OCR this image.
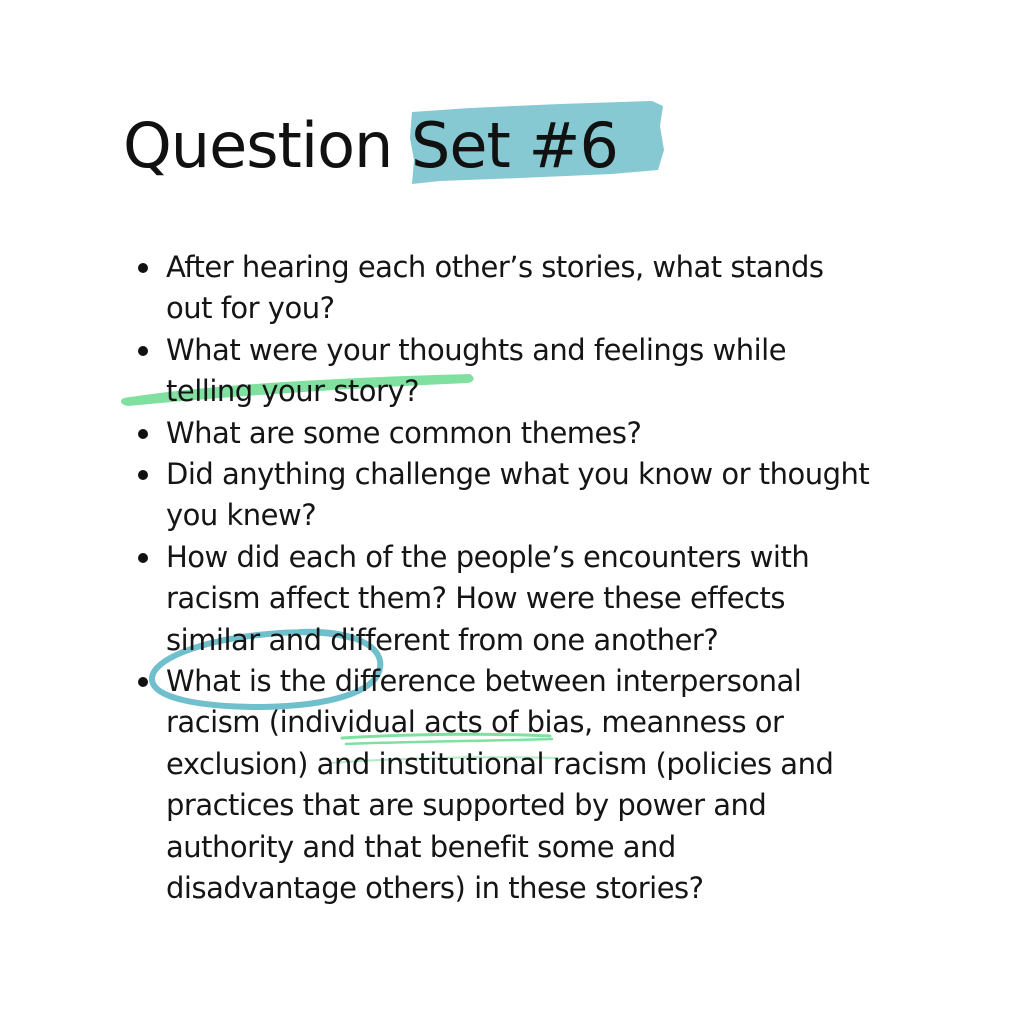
Question Set #6
After hearing each other’s stories, what stands
out for you?
What were your thoughts and feelings while
telling your story?
What are some common themes?
Did anything challenge what you know or thought
you knew?
How did each of the people’s encounters with
racism affect them? How were these effects
similar and different from one another?
What is the difference between interpersonal
racism (individual acts of bias, meanness or
exclusion) and institutional racism (policies and
practices that are supported by power and
authority and that benefit some and
disadvantage others) in these stories?
